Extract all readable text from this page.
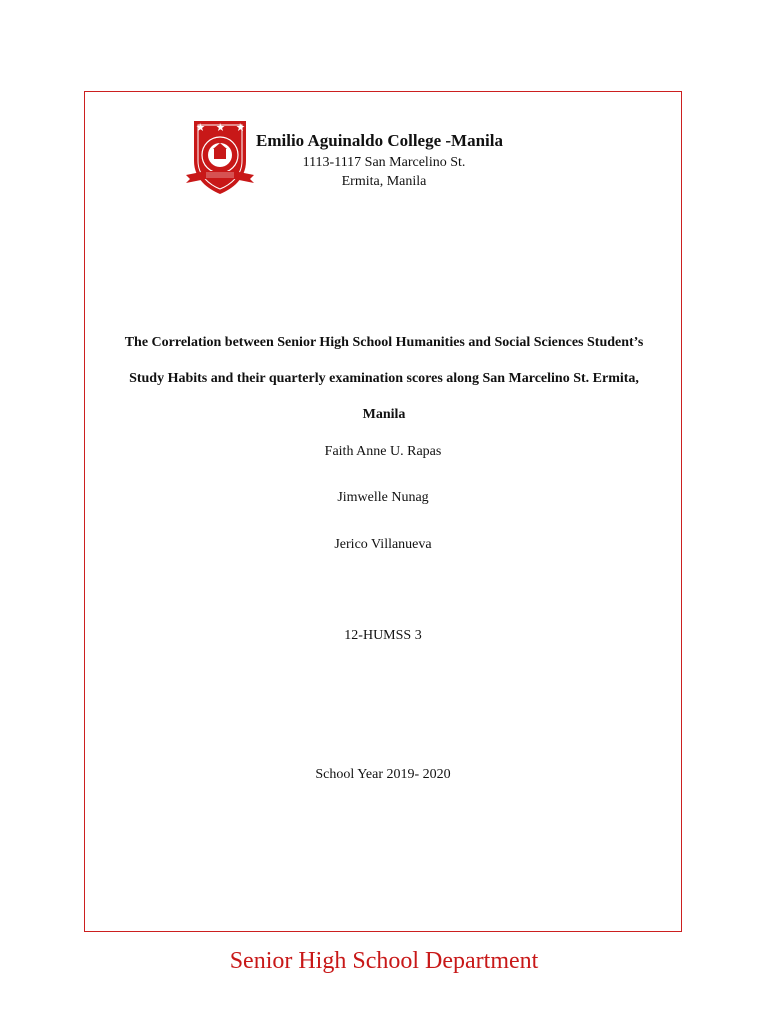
Emilio Aguinaldo College -Manila
1113-1117 San Marcelino St.
Ermita, Manila
The Correlation between Senior High School Humanities and Social Sciences Student’s
Study Habits and their quarterly examination scores along San Marcelino St. Ermita,
Manila
Faith Anne U. Rapas
Jimwelle Nunag
Jerico Villanueva
12-HUMSS 3
School Year 2019- 2020
Senior High School Department
